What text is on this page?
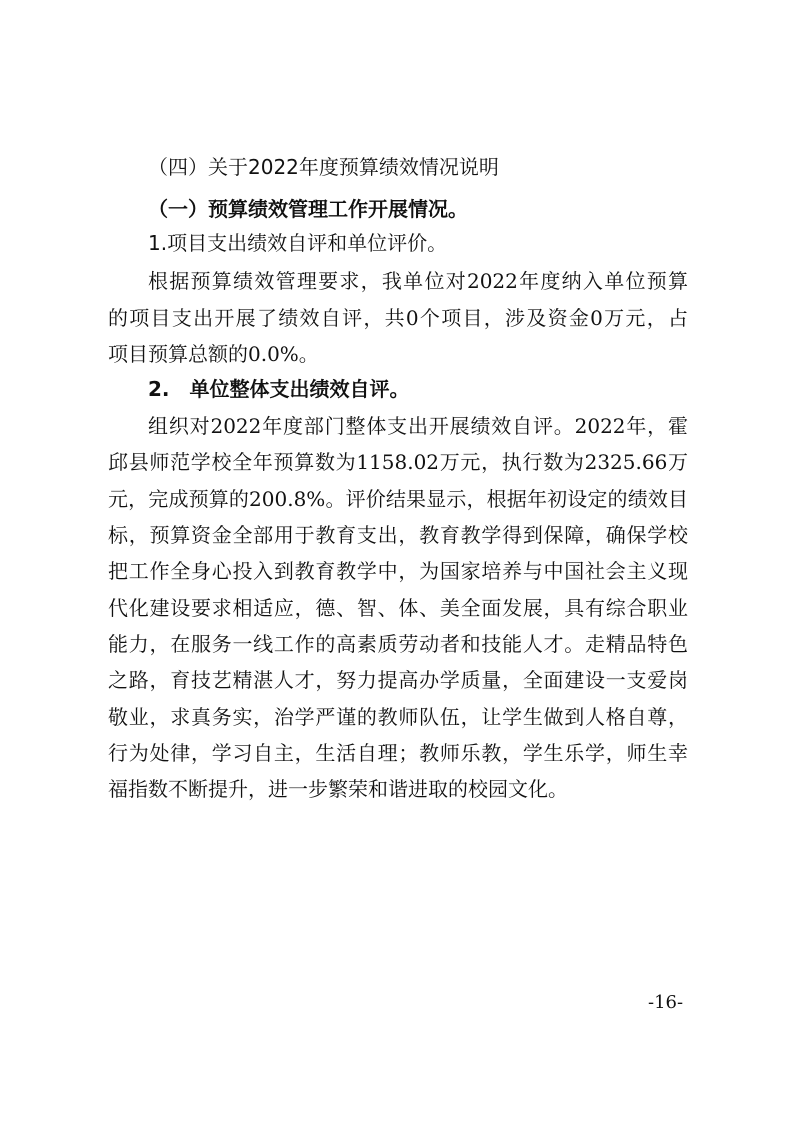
（四）关于2022年度预算绩效情况说明
（一）预算绩效管理工作开展情况。
1.项目支出绩效自评和单位评价。
根据预算绩效管理要求，我单位对2022年度纳入单位预算
的项目支出开展了绩效自评，共0个项目，涉及资金0万元，占
项目预算总额的0.0%。
2.　单位整体支出绩效自评。
组织对2022年度部门整体支出开展绩效自评。2022年，霍
邱县师范学校全年预算数为1158.02万元，执行数为2325.66万
元，完成预算的200.8%。评价结果显示，根据年初设定的绩效目
标，预算资金全部用于教育支出，教育教学得到保障，确保学校
把工作全身心投入到教育教学中，为国家培养与中国社会主义现
代化建设要求相适应，德、智、体、美全面发展，具有综合职业
能力，在服务一线工作的高素质劳动者和技能人才。走精品特色
之路，育技艺精湛人才，努力提高办学质量，全面建设一支爱岗
敬业，求真务实，治学严谨的教师队伍，让学生做到人格自尊，
行为处律，学习自主，生活自理；教师乐教，学生乐学，师生幸
福指数不断提升，进一步繁荣和谐进取的校园文化。
-16-
